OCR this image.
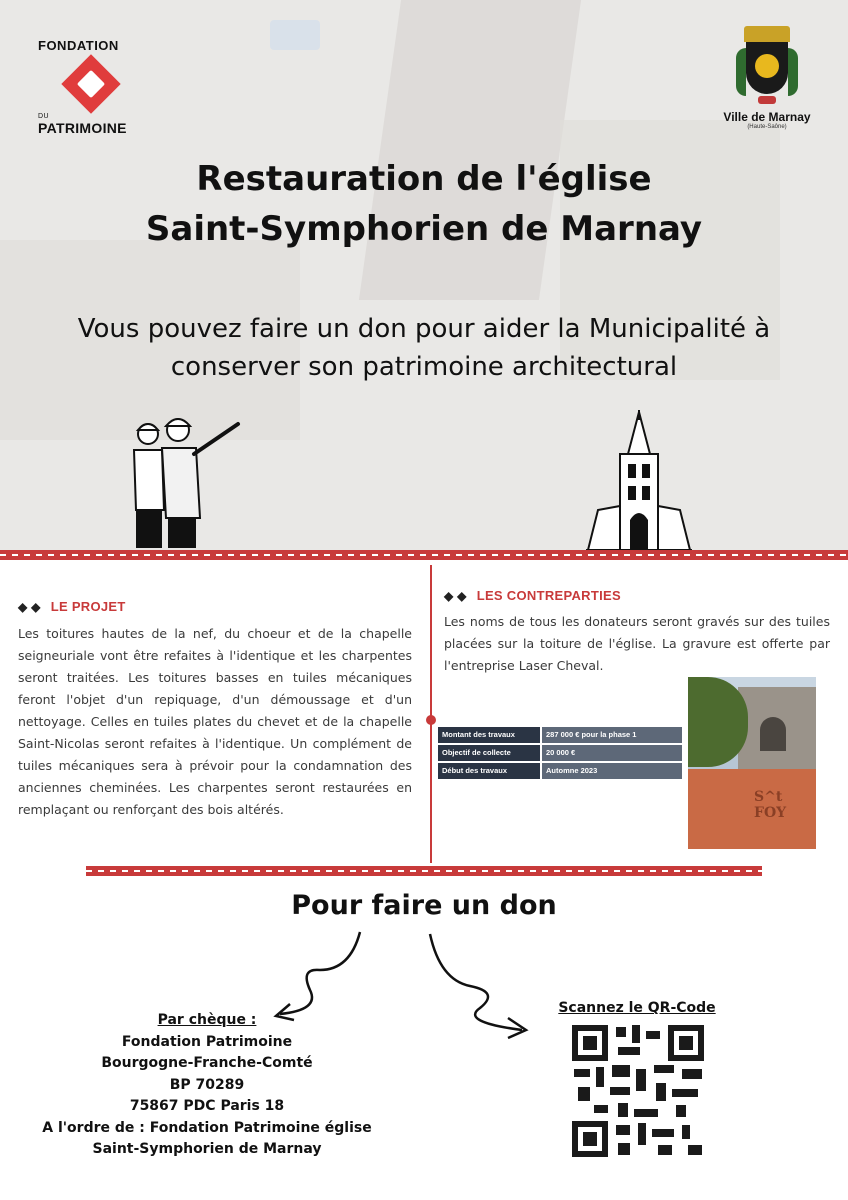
FONDATION
DU
PATRIMOINE
Ville de Marnay
(Haute-Saône)
Restauration de l'église
Saint-Symphorien de Marnay
Vous pouvez faire un don pour aider la Municipalité à
conserver son patrimoine architectural
◆ ◆ LE PROJET
Les toitures hautes de la nef, du choeur et de la chapelle seigneuriale vont être refaites à l'identique et les charpentes seront traitées. Les toitures basses en tuiles mécaniques feront l'objet d'un repiquage, d'un démoussage et d'un nettoyage. Celles en tuiles plates du chevet et de la chapelle Saint-Nicolas seront refaites à l'identique. Un complément de tuiles mécaniques sera à prévoir pour la condamnation des anciennes cheminées. Les charpentes seront restaurées en remplaçant ou renforçant des bois altérés.
◆ ◆ LES CONTREPARTIES
Les noms de tous les donateurs seront gravés sur des tuiles placées sur la toiture de l'église. La gravure est offerte par l'entreprise Laser Cheval.
Montant des travaux	287 000 € pour la phase 1
Objectif de collecte	20 000 €
Début des travaux	Automne 2023
S^t FOY
Pour faire un don
Par chèque :
Fondation Patrimoine
Bourgogne-Franche-Comté
BP 70289
75867 PDC Paris 18
A l'ordre de : Fondation Patrimoine église
Saint-Symphorien de Marnay
Scannez le QR-Code
